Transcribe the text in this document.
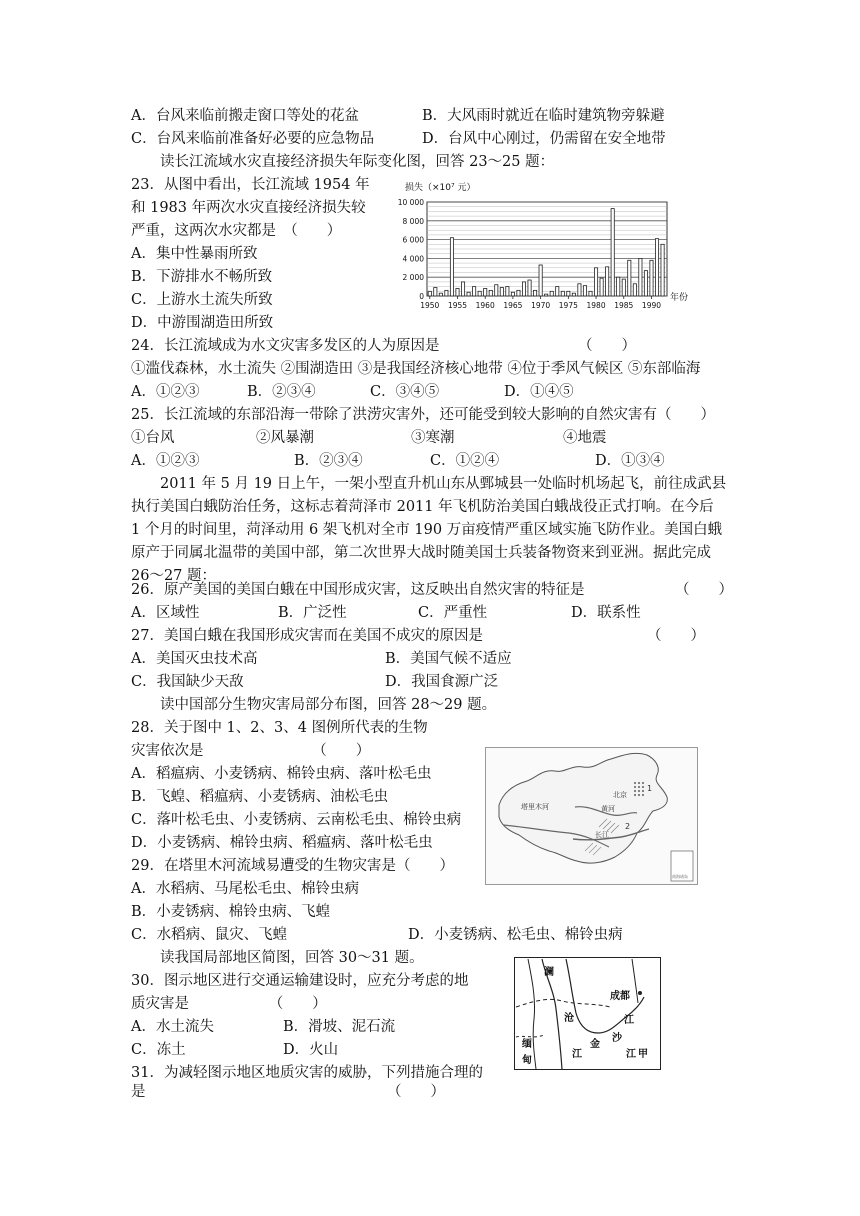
A．台风来临前搬走窗口等处的花盆	B．大风雨时就近在临时建筑物旁躲避
C．台风来临前准备好必要的应急物品	D．台风中心刚过，仍需留在安全地带
读长江流域水灾直接经济损失年际变化图，回答 23～25 题：
23．从图中看出，长江流域 1954 年
和 1983 年两次水灾直接经济损失较
严重，这两次水灾都是　（　　）
A．集中性暴雨所致
B．下游排水不畅所致
C．上游水土流失所致
D．中游围湖造田所致
24．长江流域成为水文灾害多发区的人为原因是	（　　）
①滥伐森林，水土流失 ②围湖造田 ③是我国经济核心地带 ④位于季风气候区 ⑤东部临海
A．①②③	B．②③④	C．③④⑤	D．①④⑤
25．长江流域的东部沿海一带除了洪涝灾害外，还可能受到较大影响的自然灾害有（　　）
①台风	②风暴潮	③寒潮	④地震
A．①②③	B．②③④	C．①②④	D．①③④
2011 年 5 月 19 日上午，一架小型直升机山东从鄄城县一处临时机场起飞，前往成武县
执行美国白蛾防治任务，这标志着菏泽市 2011 年飞机防治美国白蛾战役正式打响。在今后
1 个月的时间里，菏泽动用 6 架飞机对全市 190 万亩疫情严重区域实施飞防作业。美国白蛾
原产于同属北温带的美国中部，第二次世界大战时随美国士兵装备物资来到亚洲。据此完成
26～27 题：
26．原产美国的美国白蛾在中国形成灾害，这反映出自然灾害的特征是	（　　）
A．区域性	B．广泛性	C．严重性	D．联系性
27．美国白蛾在我国形成灾害而在美国不成灾的原因是	（　　）
A．美国灭虫技术高	B．美国气候不适应
C．我国缺少天敌	D．我国食源广泛
读中国部分生物灾害局部分布图，回答 28～29 题。
28．关于图中 1、2、3、4 图例所代表的生物
灾害依次是　　　　　　　　（　　）
A．稻瘟病、小麦锈病、棉铃虫病、落叶松毛虫
B．飞蝗、稻瘟病、小麦锈病、油松毛虫
C．落叶松毛虫、小麦锈病、云南松毛虫、棉铃虫病
D．小麦锈病、棉铃虫病、稻瘟病、落叶松毛虫
29．在塔里木河流域易遭受的生物灾害是（　　）
A．水稻病、马尾松毛虫、棉铃虫病
B．小麦锈病、棉铃虫病、飞蝗
C．水稻病、鼠灾、飞蝗	D．小麦锈病、松毛虫、棉铃虫病
读我国局部地区简图，回答 30～31 题。
30．图示地区进行交通运输建设时，应充分考虑的地
质灾害是　　　　　　（　　）
A．水土流失	B．滑坡、泥石流
C．冻土	D．火山
31．为减轻图示地区地质灾害的威胁，下列措施合理的
是	（　　）
损失（×10⁷ 元）
年份
0
2 000
4 000
6 000
8 000
10 000
1950 1955 1960 1965 1970 1975 1980 1985 1990
塔里木河
北京
黄河
长江
1
2
南海诸岛
澜
沧
江
成都
江
金
沙
缅
甸
江 甲
